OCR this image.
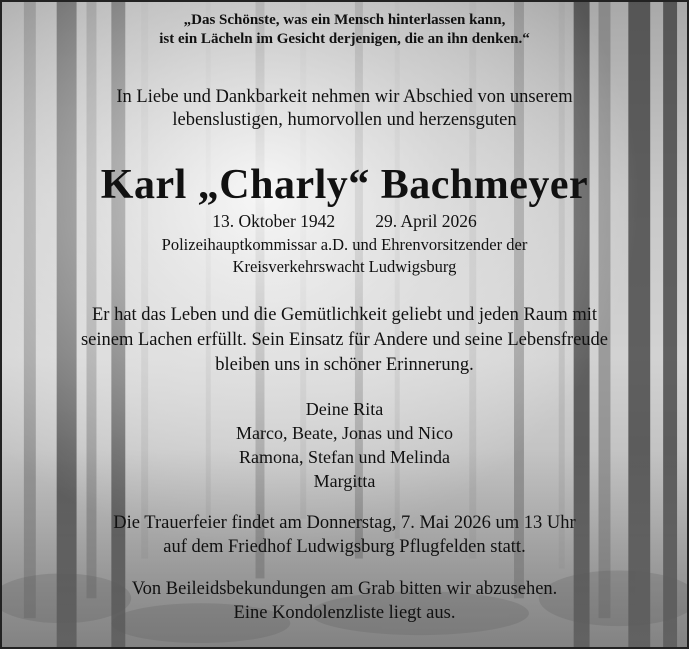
„Das Schönste, was ein Mensch hinterlassen kann,
ist ein Lächeln im Gesicht derjenigen, die an ihn denken.“
In Liebe und Dankbarkeit nehmen wir Abschied von unserem
lebenslustigen, humorvollen und herzensguten
Karl „Charly“ Bachmeyer
13. Oktober 1942 29. April 2026
Polizeihauptkommissar a.D. und Ehrenvorsitzender der
Kreisverkehrswacht Ludwigsburg
Er hat das Leben und die Gemütlichkeit geliebt und jeden Raum mit
seinem Lachen erfüllt. Sein Einsatz für Andere und seine Lebensfreude
bleiben uns in schöner Erinnerung.
Deine Rita
Marco, Beate, Jonas und Nico
Ramona, Stefan und Melinda
Margitta
Die Trauerfeier findet am Donnerstag, 7. Mai 2026 um 13 Uhr
auf dem Friedhof Ludwigsburg Pflugfelden statt.
Von Beileidsbekundungen am Grab bitten wir abzusehen.
Eine Kondolenzliste liegt aus.
